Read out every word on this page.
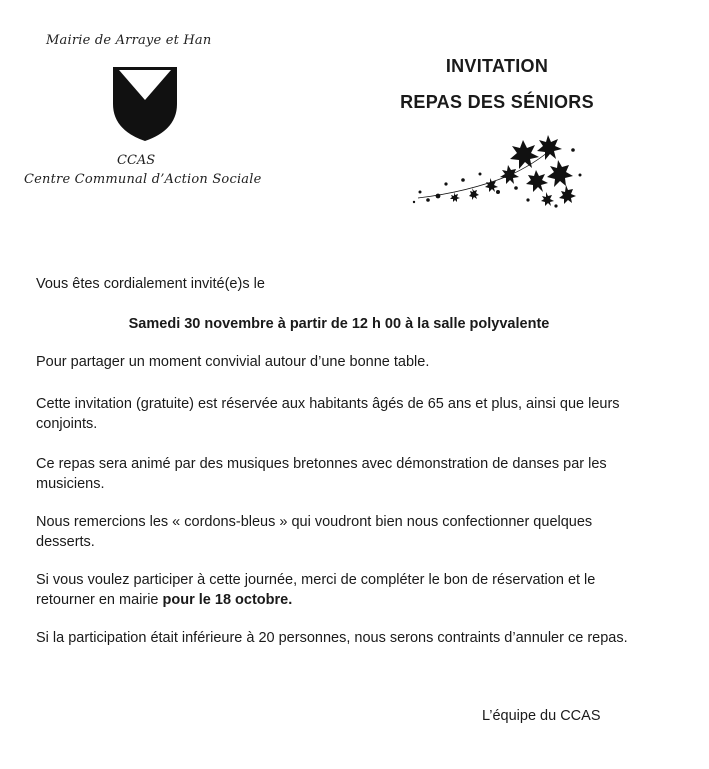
Mairie de Arraye et Han
CCAS
Centre Communal d’Action Sociale
INVITATION
REPAS DES SÉNIORS
Vous êtes cordialement invité(e)s le
Samedi 30 novembre à partir de 12 h 00 à la salle polyvalente
Pour partager un moment convivial autour d’une bonne table.
Cette invitation (gratuite) est réservée aux habitants âgés de 65 ans et plus, ainsi que leurs conjoints.
Ce repas sera animé par des musiques bretonnes avec démonstration de danses par les musiciens.
Nous remercions les « cordons-bleus » qui voudront bien nous confectionner quelques desserts.
Si vous voulez participer à cette journée, merci de compléter le bon de réservation et le retourner en mairie pour le 18 octobre.
Si la participation était inférieure à 20 personnes, nous serons contraints d’annuler ce repas.
L’équipe du CCAS
